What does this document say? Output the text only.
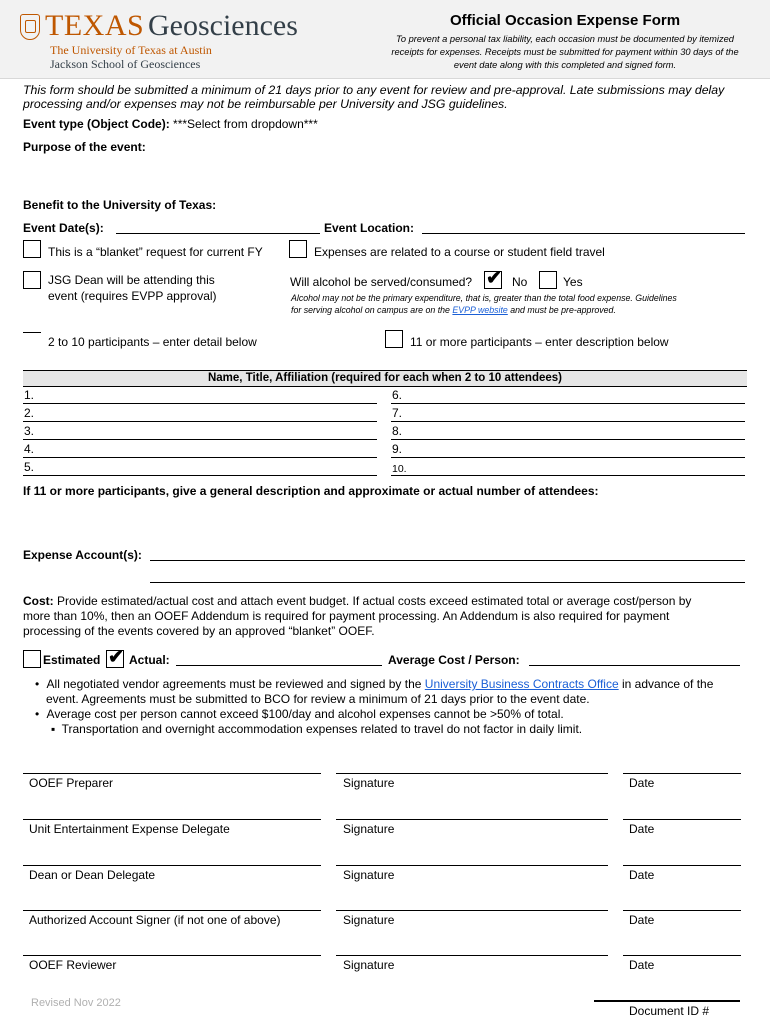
TEXAS Geosciences
The University of Texas at Austin
Jackson School of Geosciences
Official Occasion Expense Form
To prevent a personal tax liability, each occasion must be documented by itemized receipts for expenses. Receipts must be submitted for payment within 30 days of the event date along with this completed and signed form.
This form should be submitted a minimum of 21 days prior to any event for review and pre-approval. Late submissions may delay
processing and/or expenses may not be reimbursable per University and JSG guidelines.
Event type (Object Code): ***Select from dropdown***
Purpose of the event:
Benefit to the University of Texas:
Event Date(s):	Event Location:
This is a “blanket” request for current FY	Expenses are related to a course or student field travel
JSG Dean will be attending this
event (requires EVPP approval)
Will alcohol be served/consumed? ✔ No	Yes
Alcohol may not be the primary expenditure, that is, greater than the total food expense. Guidelines
for serving alcohol on campus are on the EVPP website and must be pre-approved.
2 to 10 participants – enter detail below	11 or more participants – enter description below
Name, Title, Affiliation (required for each when 2 to 10 attendees)
1.
2.
3.
4.
5.
6.
7.
8.
9.
10.
If 11 or more participants, give a general description and approximate or actual number of attendees:
Expense Account(s):
Cost: Provide estimated/actual cost and attach event budget. If actual costs exceed estimated total or average cost/person by
more than 10%, then an OOEF Addendum is required for payment processing. An Addendum is also required for payment
processing of the events covered by an approved “blanket” OOEF.
Estimated ✔ Actual:	Average Cost / Person:
• All negotiated vendor agreements must be reviewed and signed by the University Business Contracts Office in advance of the
event. Agreements must be submitted to BCO for review a minimum of 21 days prior to the event date.
• Average cost per person cannot exceed $100/day and alcohol expenses cannot be >50% of total.
▪ Transportation and overnight accommodation expenses related to travel do not factor in daily limit.
OOEF Preparer	Signature	Date
Unit Entertainment Expense Delegate	Signature	Date
Dean or Dean Delegate	Signature	Date
Authorized Account Signer (if not one of above)	Signature	Date
OOEF Reviewer	Signature	Date
Revised Nov 2022
Document ID #
